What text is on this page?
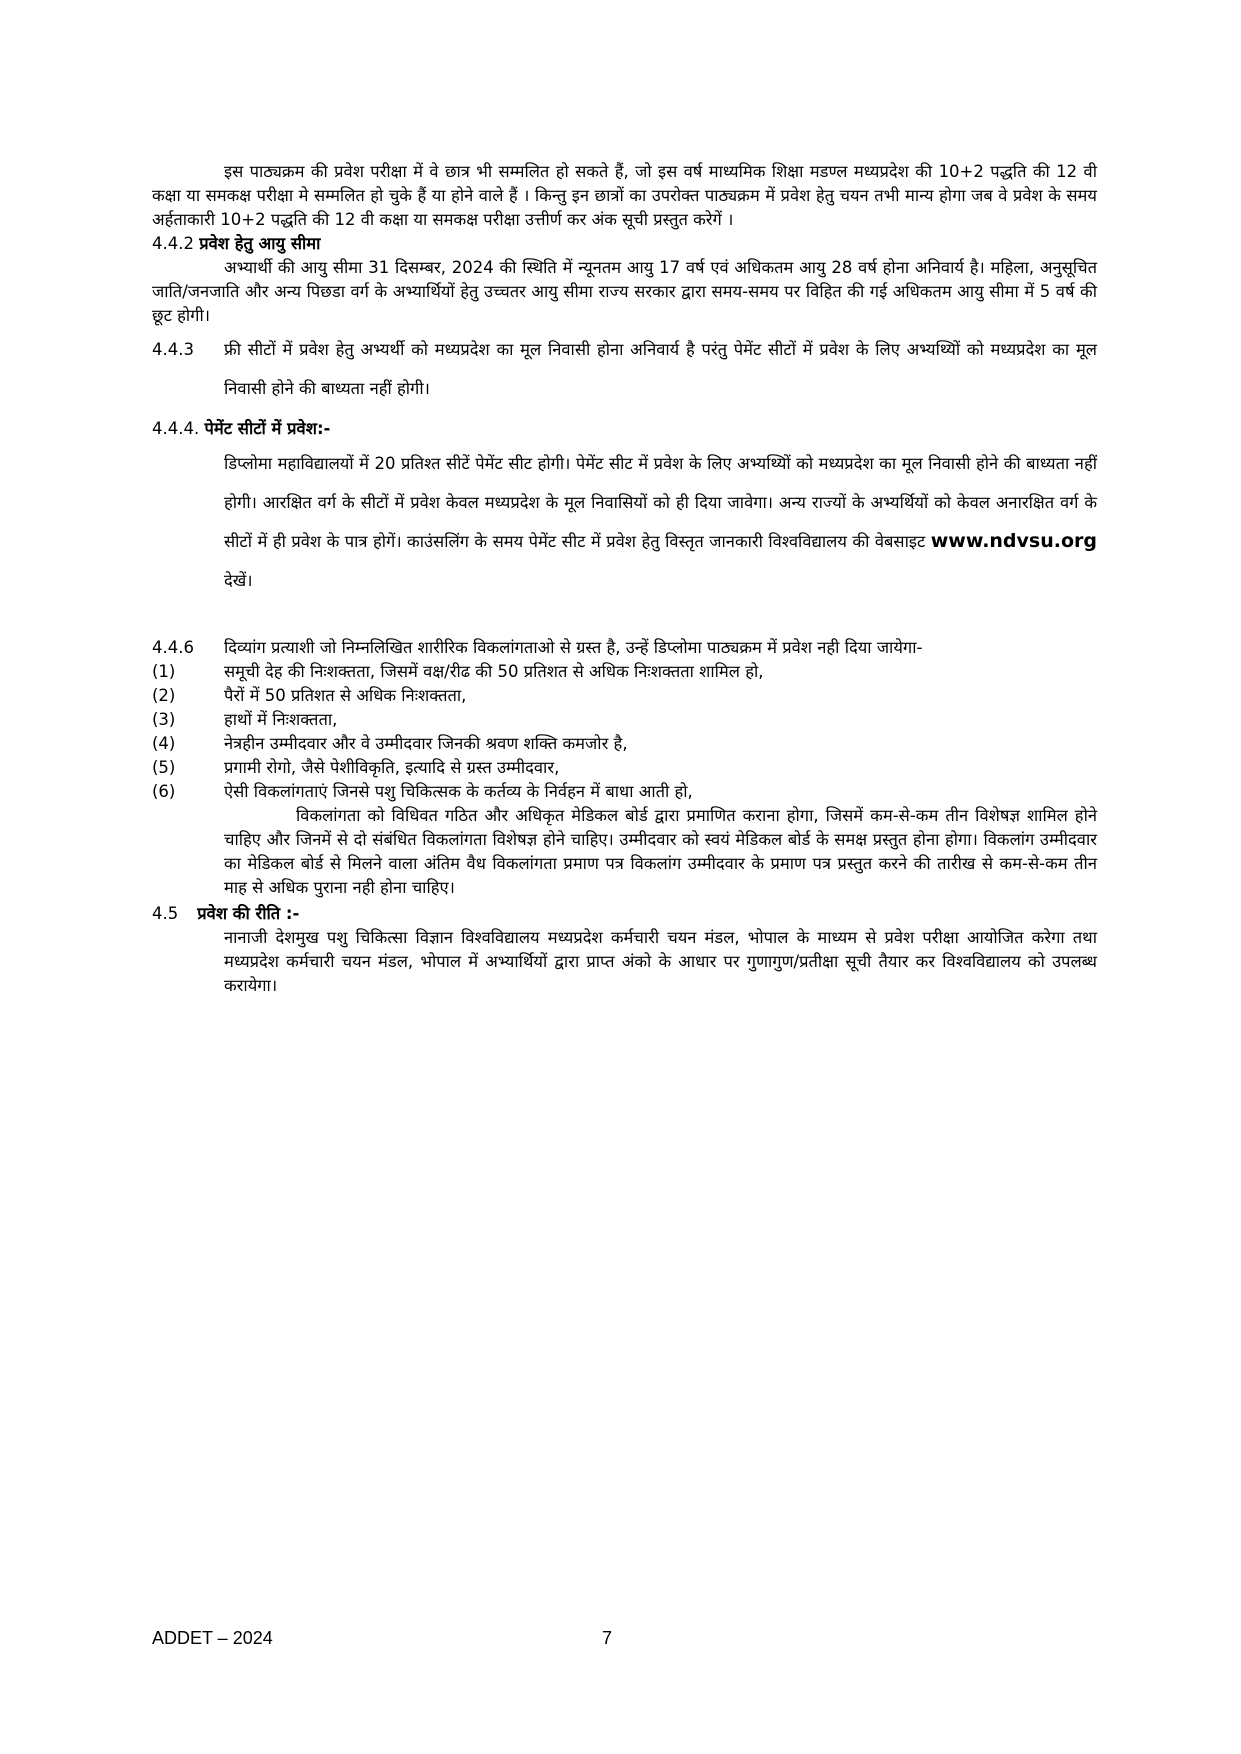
इस पाठ्यक्रम की प्रवेश परीक्षा में वे छात्र भी सम्मलित हो सकते हैं, जो इस वर्ष माध्यमिक शिक्षा मडण्ल मध्यप्रदेश की 10+2 पद्धति की 12 वी कक्षा या समकक्ष परीक्षा मे सम्मलित हो चुके हैं या होने वाले हैं । किन्तु इन छात्रों का उपरोक्त पाठ्यक्रम में प्रवेश हेतु चयन तभी मान्य होगा जब वे प्रवेश के समय अर्हताकारी 10+2 पद्धति की 12 वी कक्षा या समकक्ष परीक्षा उत्तीर्ण कर अंक सूची प्रस्तुत करेगें ।

4.4.2 प्रवेश हेतु आयु सीमा

अभ्यार्थी की आयु सीमा 31 दिसम्बर, 2024 की स्थिति में न्यूनतम आयु 17 वर्ष एवं अधिकतम आयु 28 वर्ष होना अनिवार्य है। महिला, अनुसूचित जाति/जनजाति और अन्य पिछडा वर्ग के अभ्यार्थियों हेतु उच्चतर आयु सीमा राज्य सरकार द्वारा समय-समय पर विहित की गई अधिकतम आयु सीमा में 5 वर्ष की छूट होगी।

4.4.3	फ्री सीटों में प्रवेश हेतु अभ्यर्थी को मध्यप्रदेश का मूल निवासी होना अनिवार्य है परंतु पेमेंट सीटों में प्रवेश के लिए अभ्यथ्यिों को मध्यप्रदेश का मूल निवासी होने की बाध्यता नहीं होगी।
4.4.4. पेमेंट सीटों में प्रवेश:-
डिप्लोमा महाविद्यालयों में 20 प्रतिश्त सीटें पेमेंट सीट होगी। पेमेंट सीट में प्रवेश के लिए अभ्यथ्यिों को मध्यप्रदेश का मूल निवासी होने की बाध्यता नहीं होगी। आरक्षित वर्ग के सीटों में प्रवेश केवल मध्यप्रदेश के मूल निवासियों को ही दिया जावेगा। अन्य राज्यों के अभ्यर्थियों को केवल अनारक्षित वर्ग के सीटों में ही प्रवेश के पात्र होगें। काउंसलिंग के समय पेमेंट सीट में प्रवेश हेतु विस्तृत जानकारी विश्वविद्यालय की वेबसाइट www.ndvsu.org देखें।
4.4.6	दिव्यांग प्रत्याशी जो निम्नलिखित शारीरिक विकलांगताओ से ग्रस्त है, उन्हें डिप्लोमा पाठ्यक्रम में प्रवेश नही दिया जायेगा-
(1)	समूची देह की निःशक्तता, जिसमें वक्ष/रीढ की 50 प्रतिशत से अधिक निःशक्तता शामिल हो,
(2)	पैरों में 50 प्रतिशत से अधिक निःशक्तता,
(3)	हाथों में निःशक्तता,
(4)	नेत्रहीन उम्मीदवार और वे उम्मीदवार जिनकी श्रवण शक्ति कमजोर है,
(5)	प्रगामी रोगो, जैसे पेशीविकृति, इत्यादि से ग्रस्त उम्मीदवार,
(6)	ऐसी विकलांगताएं जिनसे पशु चिकित्सक के कर्तव्य के निर्वहन में बाधा आती हो,

विकलांगता को विधिवत गठित और अधिकृत मेडिकल बोर्ड द्वारा प्रमाणित कराना होगा, जिसमें कम-से-कम तीन विशेषज्ञ शामिल होने चाहिए और जिनमें से दो संबंधित विकलांगता विशेषज्ञ होने चाहिए। उम्मीदवार को स्वयं मेडिकल बोर्ड के समक्ष प्रस्तुत होना होगा। विकलांग उम्मीदवार का मेडिकल बोर्ड से मिलने वाला अंतिम वैध विकलांगता प्रमाण पत्र विकलांग उम्मीदवार के प्रमाण पत्र प्रस्तुत करने की तारीख से कम-से-कम तीन माह से अधिक पुराना नही होना चाहिए।

4.5 प्रवेश की रीति :-

नानाजी देशमुख पशु चिकित्सा विज्ञान विश्वविद्यालय मध्यप्रदेश कर्मचारी चयन मंडल, भोपाल के माध्यम से प्रवेश परीक्षा आयोजित करेगा तथा मध्यप्रदेश कर्मचारी चयन मंडल, भोपाल में अभ्यार्थियों द्वारा प्राप्त अंको के आधार पर गुणागुण/प्रतीक्षा सूची तैयार कर विश्वविद्यालय को उपलब्ध करायेगा।

ADDET – 2024	7
